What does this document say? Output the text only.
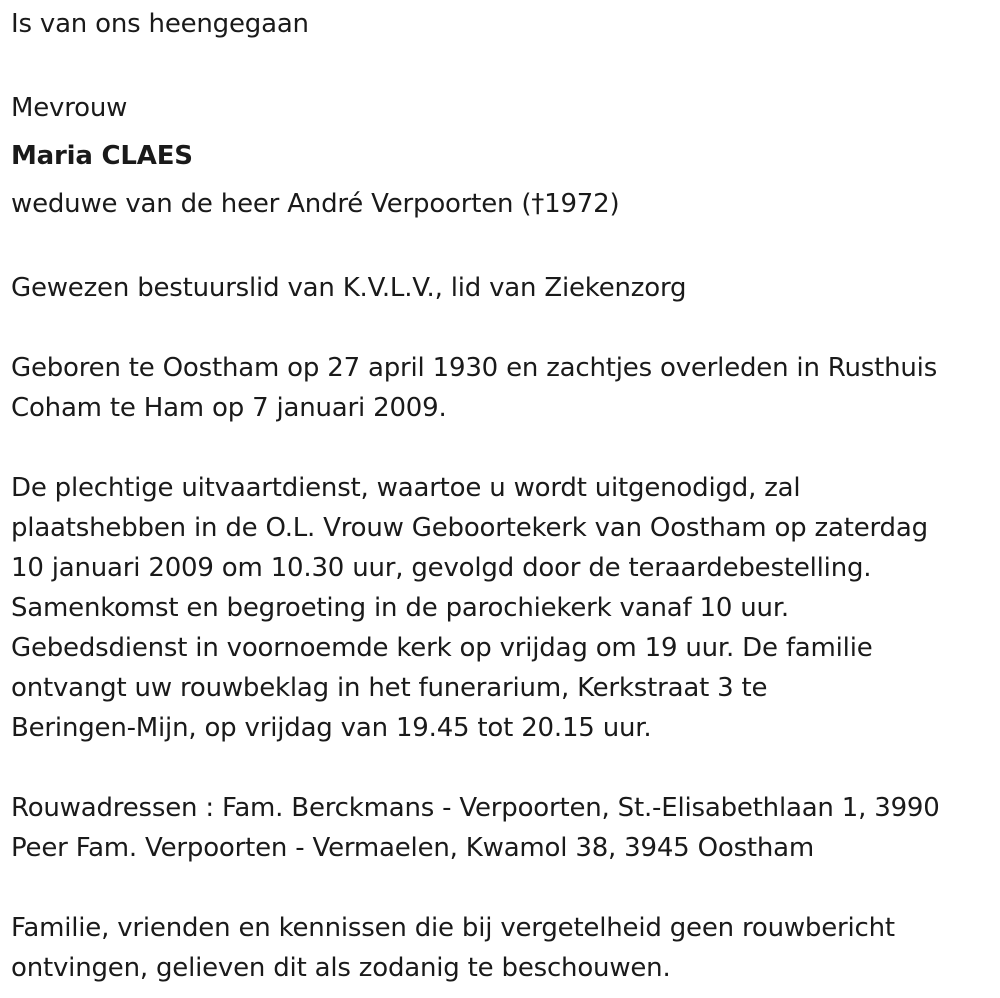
Is van ons heengegaan
Mevrouw
Maria CLAES
weduwe van de heer André Verpoorten (†1972)
Gewezen bestuurslid van K.V.L.V., lid van Ziekenzorg
Geboren te Oostham op 27 april 1930 en zachtjes overleden in Rusthuis
Coham te Ham op 7 januari 2009.
De plechtige uitvaartdienst, waartoe u wordt uitgenodigd, zal
plaatshebben in de O.L. Vrouw Geboortekerk van Oostham op zaterdag
10 januari 2009 om 10.30 uur, gevolgd door de teraardebestelling.
Samenkomst en begroeting in de parochiekerk vanaf 10 uur.
Gebedsdienst in voornoemde kerk op vrijdag om 19 uur. De familie
ontvangt uw rouwbeklag in het funerarium, Kerkstraat 3 te
Beringen-Mijn, op vrijdag van 19.45 tot 20.15 uur.
Rouwadressen : Fam. Berckmans - Verpoorten, St.-Elisabethlaan 1, 3990
Peer Fam. Verpoorten - Vermaelen, Kwamol 38, 3945 Oostham
Familie, vrienden en kennissen die bij vergetelheid geen rouwbericht
ontvingen, gelieven dit als zodanig te beschouwen.
